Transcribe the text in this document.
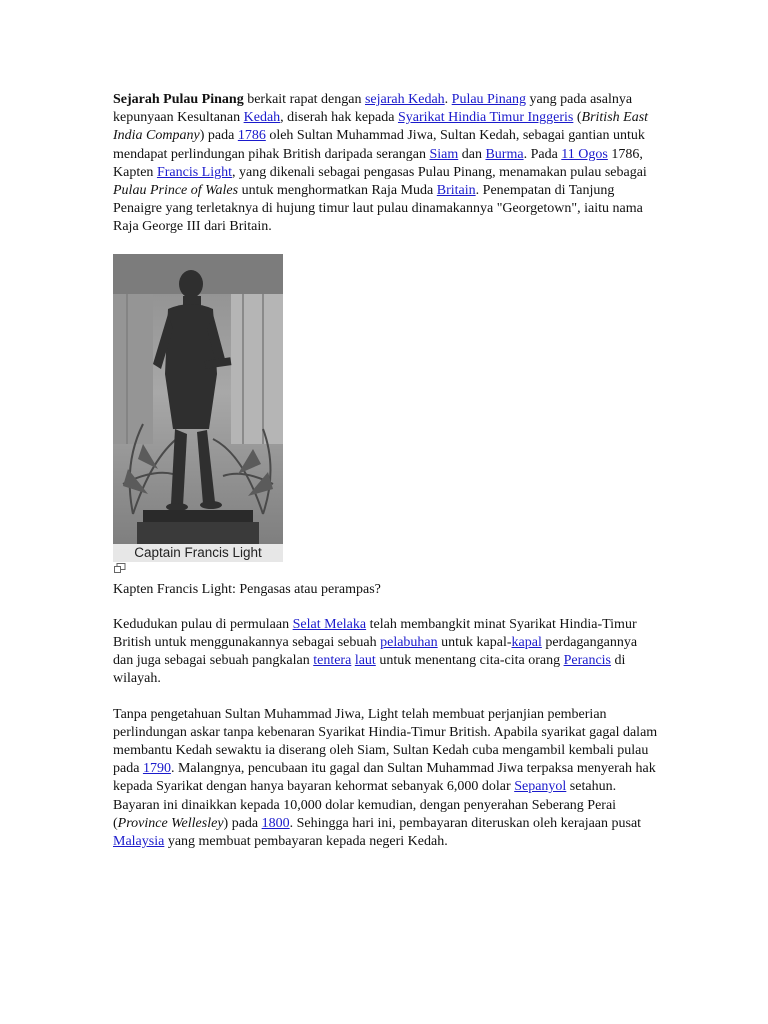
Sejarah Pulau Pinang berkait rapat dengan sejarah Kedah. Pulau Pinang yang pada asalnya kepunyaan Kesultanan Kedah, diserah hak kepada Syarikat Hindia Timur Inggeris (British East India Company) pada 1786 oleh Sultan Muhammad Jiwa, Sultan Kedah, sebagai gantian untuk mendapat perlindungan pihak British daripada serangan Siam dan Burma. Pada 11 Ogos 1786, Kapten Francis Light, yang dikenali sebagai pengasas Pulau Pinang, menamakan pulau sebagai Pulau Prince of Wales untuk menghormatkan Raja Muda Britain. Penempatan di Tanjung Penaigre yang terletaknya di hujung timur laut pulau dinamakannya "Georgetown", iaitu nama Raja George III dari Britain.

Captain Francis Light

Kapten Francis Light: Pengasas atau perampas?

Kedudukan pulau di permulaan Selat Melaka telah membangkit minat Syarikat Hindia-Timur British untuk menggunakannya sebagai sebuah pelabuhan untuk kapal-kapal perdagangannya dan juga sebagai sebuah pangkalan tentera laut untuk menentang cita-cita orang Perancis di wilayah.

Tanpa pengetahuan Sultan Muhammad Jiwa, Light telah membuat perjanjian pemberian perlindungan askar tanpa kebenaran Syarikat Hindia-Timur British. Apabila syarikat gagal dalam membantu Kedah sewaktu ia diserang oleh Siam, Sultan Kedah cuba mengambil kembali pulau pada 1790. Malangnya, pencubaan itu gagal dan Sultan Muhammad Jiwa terpaksa menyerah hak kepada Syarikat dengan hanya bayaran kehormat sebanyak 6,000 dolar Sepanyol setahun. Bayaran ini dinaikkan kepada 10,000 dolar kemudian, dengan penyerahan Seberang Perai (Province Wellesley) pada 1800. Sehingga hari ini, pembayaran diteruskan oleh kerajaan pusat Malaysia yang membuat pembayaran kepada negeri Kedah.
